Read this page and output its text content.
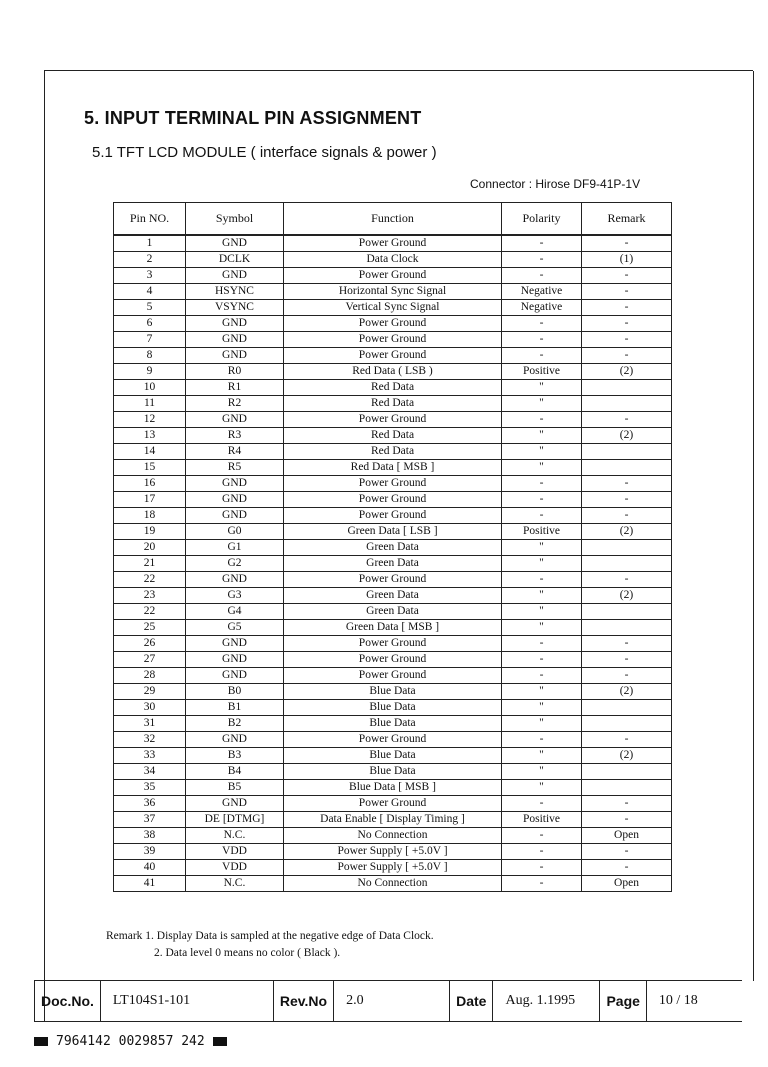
5. INPUT TERMINAL PIN ASSIGNMENT
5.1 TFT LCD MODULE ( interface signals & power )
Connector : Hirose DF9-41P-1V
Pin NO.	Symbol	Function	Polarity	Remark
1	GND	Power Ground	-	-
2	DCLK	Data Clock	-	(1)
3	GND	Power Ground	-	-
4	HSYNC	Horizontal Sync Signal	Negative	-
5	VSYNC	Vertical Sync Signal	Negative	-
6	GND	Power Ground	-	-
7	GND	Power Ground	-	-
8	GND	Power Ground	-	-
9	R0	Red Data ( LSB )	Positive	(2)
10	R1	Red Data	"	
11	R2	Red Data	"	
12	GND	Power Ground	-	-
13	R3	Red Data	"	(2)
14	R4	Red Data	"	
15	R5	Red Data [ MSB ]	"	
16	GND	Power Ground	-	-
17	GND	Power Ground	-	-
18	GND	Power Ground	-	-
19	G0	Green Data [ LSB ]	Positive	(2)
20	G1	Green Data	"	
21	G2	Green Data	"	
22	GND	Power Ground	-	-
23	G3	Green Data	"	(2)
22	G4	Green Data	"	
25	G5	Green Data [ MSB ]	"	
26	GND	Power Ground	-	-
27	GND	Power Ground	-	-
28	GND	Power Ground	-	-
29	B0	Blue Data	"	(2)
30	B1	Blue Data	"	
31	B2	Blue Data	"	
32	GND	Power Ground	-	-
33	B3	Blue Data	"	(2)
34	B4	Blue Data	"	
35	B5	Blue Data [ MSB ]	"	
36	GND	Power Ground	-	-
37	DE [DTMG]	Data Enable [ Display Timing ]	Positive	-
38	N.C.	No Connection	-	Open
39	VDD	Power Supply [ +5.0V ]	-	-
40	VDD	Power Supply [ +5.0V ]	-	-
41	N.C.	No Connection	-	Open
Remark 1. Display Data is sampled at the negative edge of Data Clock.
2. Data level 0 means no color ( Black ).
Doc.No.	LT104S1-101	Rev.No	2.0	Date	Aug. 1.1995	Page	10 / 18
7964142 0029857 242
